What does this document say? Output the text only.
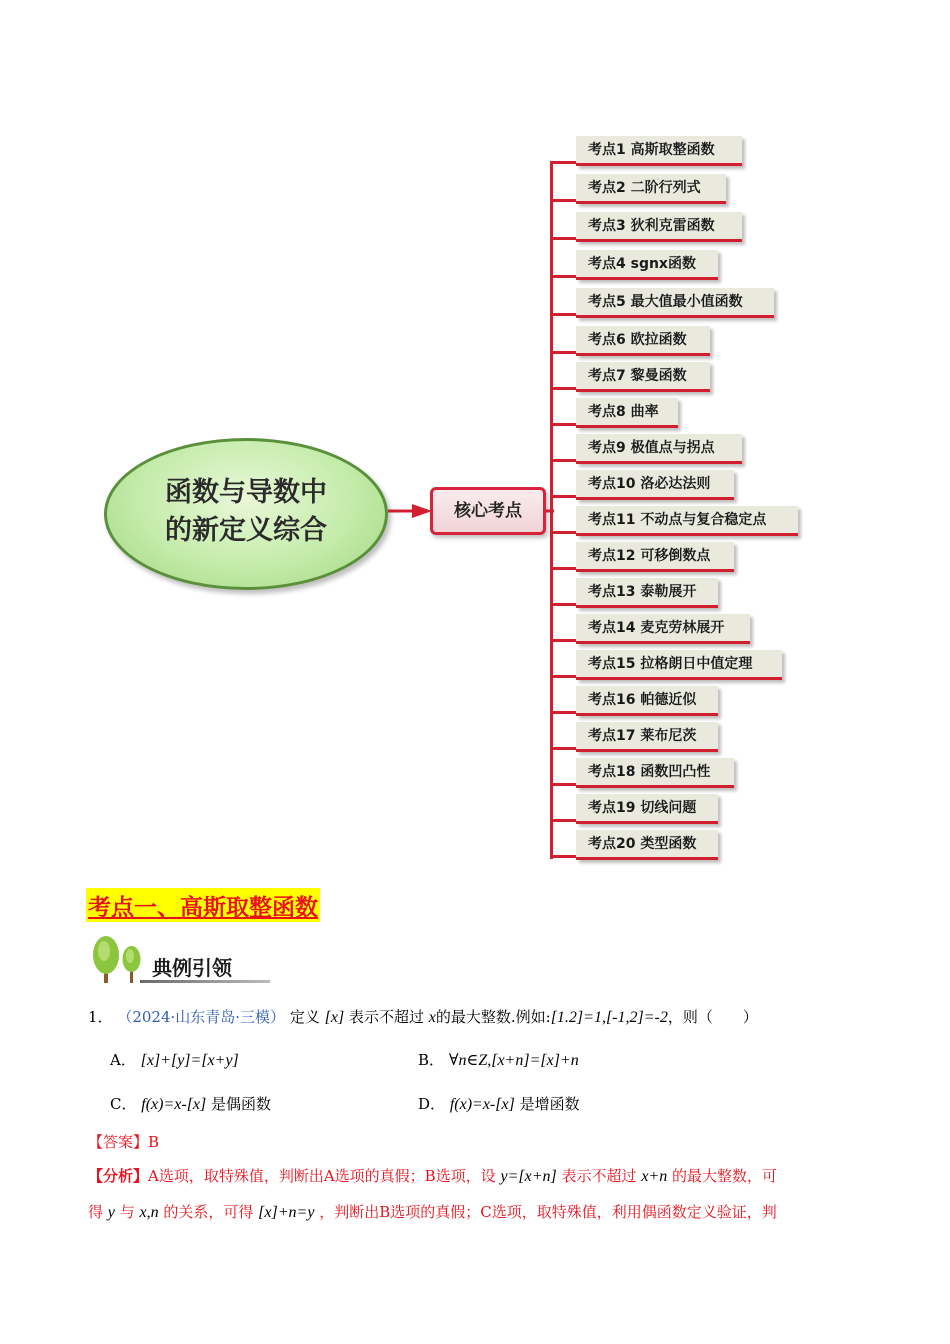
函数与导数中
的新定义综合
核心考点
考点1 高斯取整函数
考点2 二阶行列式
考点3 狄利克雷函数
考点4 sgnx函数
考点5 最大值最小值函数
考点6 欧拉函数
考点7 黎曼函数
考点8 曲率
考点9 极值点与拐点
考点10 洛必达法则
考点11 不动点与复合稳定点
考点12 可移倒数点
考点13 泰勒展开
考点14 麦克劳林展开
考点15 拉格朗日中值定理
考点16 帕德近似
考点17 莱布尼茨
考点18 函数凹凸性
考点19 切线问题
考点20 类型函数
考点一、高斯取整函数
典例引领
1． （2024·山东青岛·三模） 定义 [x] 表示不超过 x的最大整数.例如:[1.2]=1,[-1,2]=-2，则（　　）
A． [x]+[y]=[x+y]	B． ∀n∈Z,[x+n]=[x]+n
C． f(x)=x-[x] 是偶函数	D． f(x)=x-[x] 是增函数
【答案】B
【分析】A选项，取特殊值，判断出A选项的真假；B选项，设 y=[x+n] 表示不超过 x+n 的最大整数，可
得 y 与 x,n 的关系，可得 [x]+n=y ，判断出B选项的真假；C选项，取特殊值，利用偶函数定义验证，判
